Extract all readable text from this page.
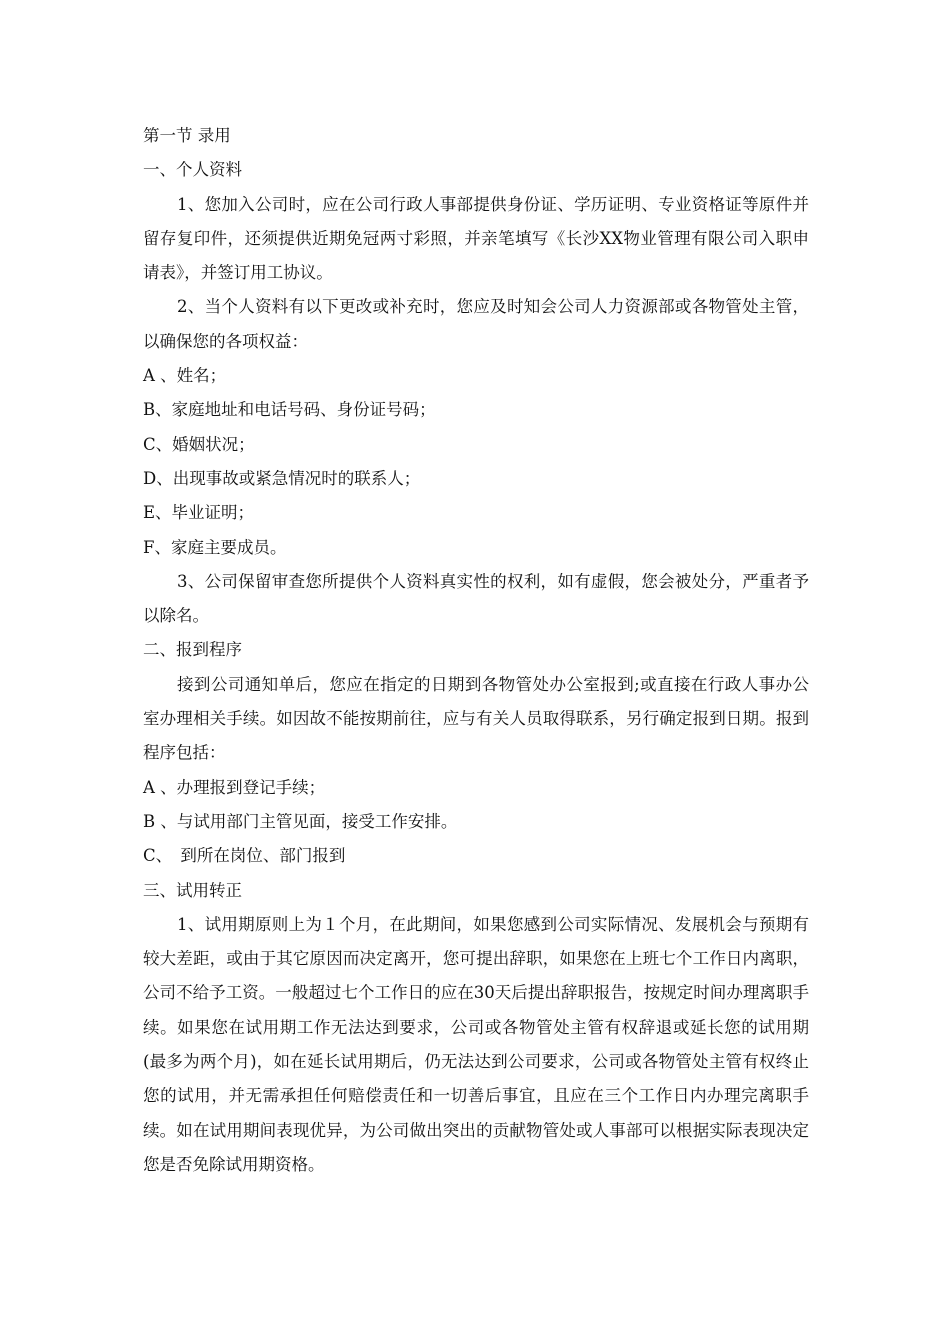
第一节 录用

一、个人资料

1、您加入公司时，应在公司行政人事部提供身份证、学历证明、专业资格证等原件并留存复印件，还须提供近期免冠两寸彩照，并亲笔填写《长沙XX物业管理有限公司入职申请表》，并签订用工协议。

2、当个人资料有以下更改或补充时，您应及时知会公司人力资源部或各物管处主管，以确保您的各项权益：

A 、姓名；

B、家庭地址和电话号码、身份证号码；

C、婚姻状况；

D、出现事故或紧急情况时的联系人；

E、毕业证明；

F、家庭主要成员。

3、公司保留审查您所提供个人资料真实性的权利，如有虚假，您会被处分，严重者予以除名。

二、报到程序

接到公司通知单后，您应在指定的日期到各物管处办公室报到;或直接在行政人事办公室办理相关手续。如因故不能按期前往，应与有关人员取得联系，另行确定报到日期。报到程序包括：

A 、办理报到登记手续；

B 、与试用部门主管见面，接受工作安排。

C、　到所在岗位、部门报到

三、试用转正

1、试用期原则上为１个月，在此期间，如果您感到公司实际情况、发展机会与预期有较大差距，或由于其它原因而决定离开，您可提出辞职，如果您在上班七个工作日内离职，公司不给予工资。一般超过七个工作日的应在30天后提出辞职报告，按规定时间办理离职手续。如果您在试用期工作无法达到要求，公司或各物管处主管有权辞退或延长您的试用期(最多为两个月)，如在延长试用期后，仍无法达到公司要求，公司或各物管处主管有权终止您的试用，并无需承担任何赔偿责任和一切善后事宜，且应在三个工作日内办理完离职手续。如在试用期间表现优异，为公司做出突出的贡献物管处或人事部可以根据实际表现决定您是否免除试用期资格。
